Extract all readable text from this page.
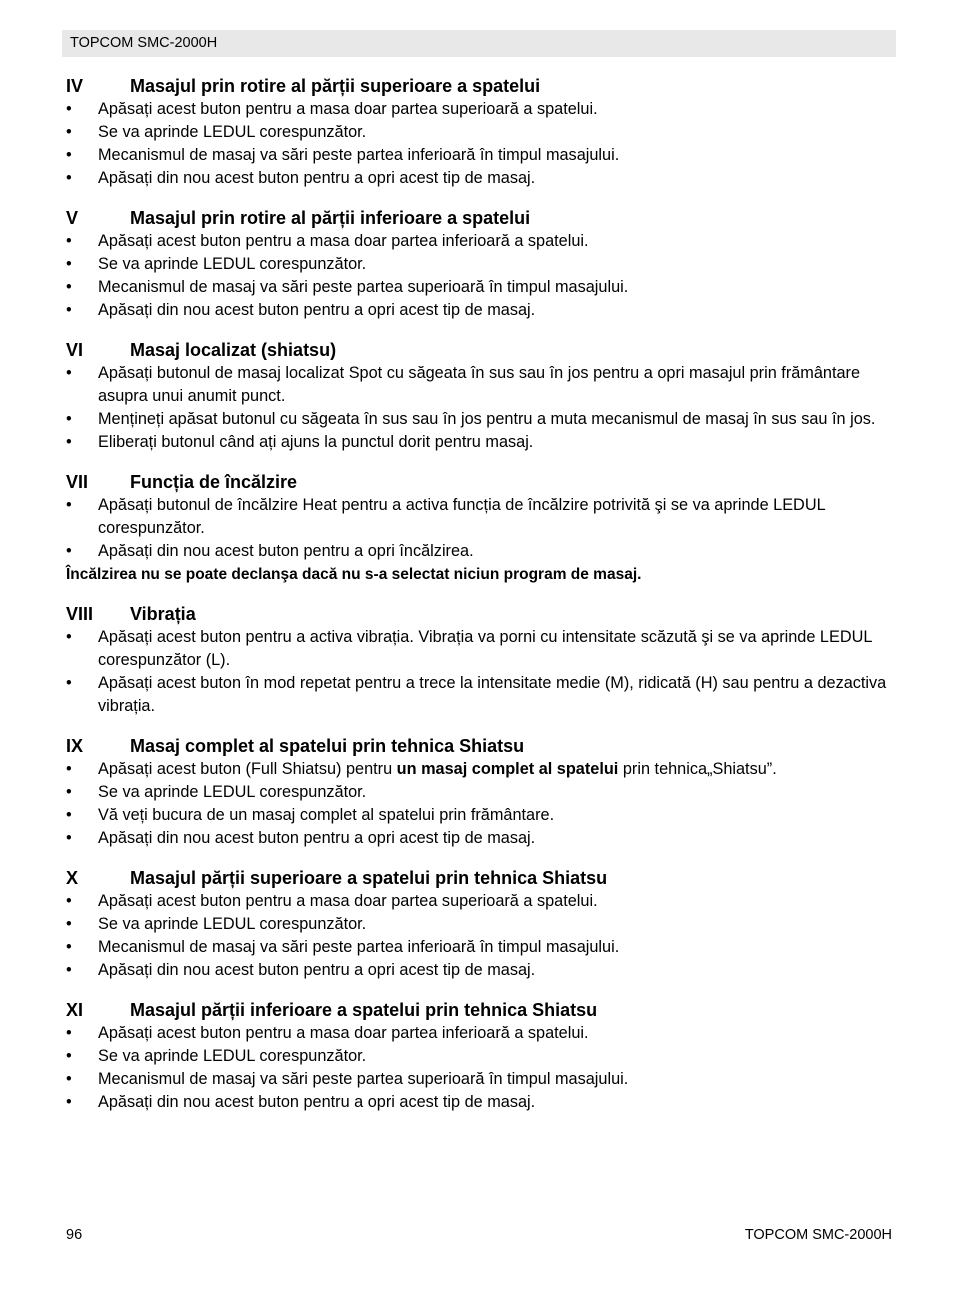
TOPCOM SMC-2000H
IV	Masajul prin rotire al părții superioare a spatelui
• Apăsați acest buton pentru a masa doar partea superioară a spatelui.
• Se va aprinde LEDUL corespunzător.
• Mecanismul de masaj va sări peste partea inferioară în timpul masajului.
• Apăsați din nou acest buton pentru a opri acest tip de masaj.
V	Masajul prin rotire al părții inferioare a spatelui
• Apăsați acest buton pentru a masa doar partea inferioară a spatelui.
• Se va aprinde LEDUL corespunzător.
• Mecanismul de masaj va sări peste partea superioară în timpul masajului.
• Apăsați din nou acest buton pentru a opri acest tip de masaj.
VI	Masaj localizat (shiatsu)
• Apăsați butonul de masaj localizat Spot cu săgeata în sus sau în jos pentru a opri masajul prin frământare asupra unui anumit punct.
• Mențineți apăsat butonul cu săgeata în sus sau în jos pentru a muta mecanismul de masaj în sus sau în jos.
• Eliberați butonul când ați ajuns la punctul dorit pentru masaj.
VII	Funcția de încălzire
• Apăsați butonul de încălzire Heat pentru a activa funcția de încălzire potrivită şi se va aprinde LEDUL corespunzător.
• Apăsați din nou acest buton pentru a opri încălzirea.
Încălzirea nu se poate declanşa dacă nu s-a selectat niciun program de masaj.
VIII	Vibrația
• Apăsați acest buton pentru a activa vibrația. Vibrația va porni cu intensitate scăzută şi se va aprinde LEDUL corespunzător (L).
• Apăsați acest buton în mod repetat pentru a trece la intensitate medie (M), ridicată (H) sau pentru a dezactiva vibrația.
IX	Masaj complet al spatelui prin tehnica Shiatsu
• Apăsați acest buton (Full Shiatsu) pentru un masaj complet al spatelui prin tehnica„Shiatsu”.
• Se va aprinde LEDUL corespunzător.
• Vă veți bucura de un masaj complet al spatelui prin frământare.
• Apăsați din nou acest buton pentru a opri acest tip de masaj.
X	Masajul părții superioare a spatelui prin tehnica Shiatsu
• Apăsați acest buton pentru a masa doar partea superioară a spatelui.
• Se va aprinde LEDUL corespunzător.
• Mecanismul de masaj va sări peste partea inferioară în timpul masajului.
• Apăsați din nou acest buton pentru a opri acest tip de masaj.
XI	Masajul părții inferioare a spatelui prin tehnica Shiatsu
• Apăsați acest buton pentru a masa doar partea inferioară a spatelui.
• Se va aprinde LEDUL corespunzător.
• Mecanismul de masaj va sări peste partea superioară în timpul masajului.
• Apăsați din nou acest buton pentru a opri acest tip de masaj.
96	TOPCOM SMC-2000H
